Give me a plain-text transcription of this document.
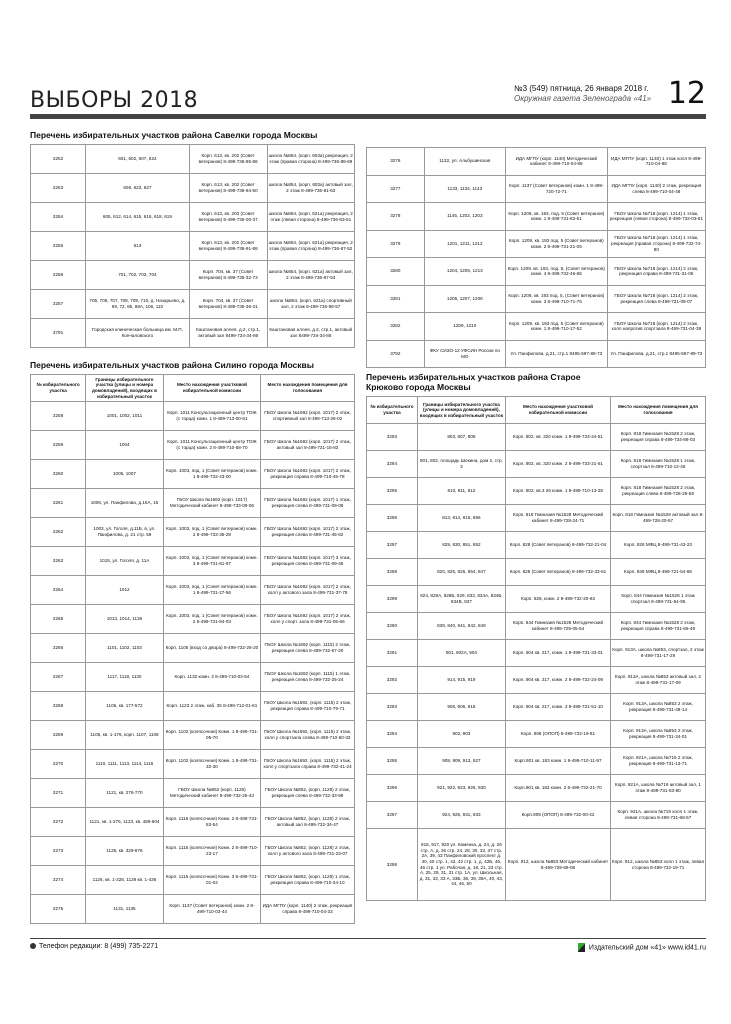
ВЫБОРЫ 2018	№3 (549) пятница, 26 января 2018 г.
Окружная газета Зеленограда «41» 12
Перечень избирательных участков района Савелки города Москвы
3252	601, 602, 607, 624	Корп. 613, кв. 202 (Совет ветеранов) 8-499-736-85-86	школа №854, (корп. 603а) рекреация, 2 этаж (правая сторона) 8-499-736-88-69
3253	608, 623, 627	Корп. 613, кв. 202 (Совет ветеранов) 8-499-736-94-50	школа №854, (корп. 603а) актовый зал, 2 этаж 8-499-736-81-63
3254	605, 612, 614, 615, 616, 618, 619	Корп. 613, кв. 203 (Совет ветеранов) 8-499-736-00-37	школа №854, (корп. 621а) рекреация, 2 этаж (левая сторона) 8-499-736-83-51
3255	613	Корп. 613, кв. 202 (Совет ветеранов) 8-499-736-91-88	школа №854, (корп. 621а) рекреация, 2 этаж (правая сторона) 8-499-736-87-52
3256	701, 702, 703, 704	Корп. 704, кв. 37 (Совет ветеранов) 8-499-735-32-73	школа №854, (корп. 621а) актовый зал, 2 этаж 8-499-736-87-53
3257	705, 706, 707, 708, 709, 710, д. Назарьево, д. 69, 72, 85, 88А, 106, 110	Корп. 704, кв. 37 (Совет ветеранов) 8-499-735-36-31	школа №854, (корп. 621а) спортивный зал, 2 этаж 8-499-736-88-57
3791	Городская клиническая больница им. М.П. Кончаловского	Каштановая аллея, д.2, стр.1, актовый зал 8499-734-34-86	Каштановая аллея, д.2, стр.1, актовый зал 8499-734-34-86
Перечень избирательных участков района Силино города Москвы
№ избирательного участка	Границы избирательного участка (улицы и номера домовладений), входящих в избирательный участок	Место нахождения участковой избирательной комиссии	Место нахождения помещения для голосования
3258	1001, 1002, 1011	Корп. 1011 Консультационный центр ТОЖ (с торца) комн. 1 8-499-713-00-61	ГБОУ Школа №1692 (корп. 1017) 2 этаж, спортивный зал 8-499-713-28-02
3259	1004	Корп. 1011 Консультационный центр ТОЖ (с торца) комн. 2 8-499-710-58-70	ГБОУ Школа №1692 (корп. 1017) 2 этаж, актовый зал 8-499-731-15-83
3260	1005, 1007	Корп. 1003, под. 1 (Совет ветеранов) комн. 1 8-499-732-43-00	ГБОУ Школа №1692 (корп. 1017) 2 этаж, рекреация справа 8-499-710-45-78
3261	1006, ул. Панфилова, д.15А, 15	ГБОУ Школа №1692 (корп. 1017) Методический кабинет 8-499-733-09-06	ГБОУ Школа №1692 (корп. 1017) 1 этаж, рекреация слева 8-499-731-09-06
3262	1003, ул. Гоголя, д.11Б, в, ул. Панфилова, д. 21 стр. 59	Корп. 1003, под. 1 (Совет ветеранов) комн. 2 8-499-733-35-28	ГБОУ Школа №1692 (корп. 1017) 2 этаж, рекреация слева 8-499-731-45-62
3263	1015, ул. Гоголя, д. 11А	Корп. 1003, под. 1 (Совет ветеранов) комн. 3 8-499-731-81-97	ГБОУ Школа №1692 (корп. 1017) 3 этаж, рекреация слева 8-499-731-09-48
3264	1012	Корп. 1003, под. 1 (Совет ветеранов) комн. 1 8-499-731-27-56	ГБОУ Школа №1692 (корп. 1017) 2 этаж, холл у актового зала 8-499-731-37-78
3265	1013, 1014, 1136	Корп. 1003, под. 1 (Совет ветеранов) комн. 2 8-499-731-84-03	ГБОУ Школа №1692 (корп. 1017) 2 этаж, холл у спорт. зала 8-499-731-05-66
3266	1101, 1102, 1103	Корп. 1105 (вход со двора) 8-499-732-26-20	ГБОУ Школа №1692 (корп. 1115) 2 этаж, рекреация слева 8-499-732-57-20
3267	1117, 1118, 1130	Корп. 1132 комн. 2 8-499-710-03-54	ГБОУ Школа №1692 (корп. 1115) 1 этаж, рекреация слева 8-499-732-25-24
3268	1106, кв. 177-572	Корп. 1123 2 этаж, каб. 35 8-499-712-01-81	ГБОУ Школа №1692, (корп. 1115) 2 этаж, рекреация справа 8-499-710-79-71
3269	1106, кв. 1-176, корп. 1107, 1108	Корп. 1102 (колясочная) Комн. 1 8-499-731-05-70	ГБОУ Школа №1692, (корп. 1115) 2 этаж, холл у спортзала слева 8-499-710-50-33
3270	1110, 1111, 1113, 1114, 1116	Корп. 1102 (колясочная) Комн. 1 8-499-731-32-30	ГБОУ Школа №1692, (корп. 1115) 2 этаж, холл у спортзала справа 8-499-732-41-24
3271	1121, кв. 276-770	ГБОУ Школа №852 (корп. 1128) Методический кабинет 8-499-732-25-43	ГБОУ Школа №852, (корп. 1128) 2 этаж, рекреация слева 8-499-732-33-88
3272	1121, кв. 1-275, 1123, кв. 489-604	Корп. 1116 (колясочная) Комн. 2 8-499-731-83-54	ГБОУ Школа №852, (корп. 1128) 2 этаж, актовый зал 8-499-732-34-47
3273	1126, кв. 329-876	Корп. 1116 (колясочная) Комн. 2 8-499-710-23-17	ГБОУ Школа №852, (корп. 1128) 2 этаж, холл у актового зала 8-499-731-23-07
3274	1126, кв. 1-328, 1129 кв. 1-436	Корп. 1116 (колясочная) Комн. 3 8-499-731-01-02	ГБОУ Школа №852, (корп. 1128) 1 этаж, рекреация справа 8-499-710-34-10
3275	1131, 1135	Корп. 1137 (Совет ветеранов) комн. 2 8-499-710-03-44	ИДА МГПУ (корп. 1140) 2 этаж, рекреация справа 8-499-710-04-33
3276	1132, ул. Альбушинская	ИДА МГПУ (корп. 1140) Методический кабинет 8-499-710-04-88	ИДА МГПУ (корп. 1140) 1 этаж холл 8-499-710-04-88
3277	1133, 1134, 1143	Корп. 1137 (Совет ветеранов) комн. 1 8-499-720-72-71	ИДА МГПУ (корп. 1140) 2 этаж, рекреация слева 8-499-710-04-48
3278	1145, 1202, 1203	Корп. 1209, кв. 193, под. 5 (Совет ветеранов) комн. 1 8-499-731-82-51	ГБОУ Школа №718 (корп. 1214) 1 этаж, рекреация (левая сторона) 8-499-732-03-51
3279	1201, 1211, 1212	Корп. 1209, кв. 193 под. 5 (Совет ветеранов) комн. 2 8-499-731-21-05	ГБОУ Школа №718 (корп. 1214) 1 этаж, рекреация (правая сторона) 8-499-732-74-80
3280	1204, 1205, 1213	Корп. 1209, кв. 193, под. 5, (Совет ветеранов) комн. 4 8-499-732-46-65	ГБОУ Школа №718 (корп. 1214) 2 этаж, рекреация справа 8-499-731-31-05
3281	1205, 1207, 1208	Корп. 1209, кв. 193 под. 5, (Совет ветеранов) комн. 3 8-499-710-71-75	ГБОУ Школа №718 (корп. 1214) 2 этаж, рекреация слева 8-499-731-08-07
3282	1209, 1210	Корп. 1209, кв. 193 под. 5 (Совет ветеранов) комн. 1 8-499-710-17-52	ГБОУ Школа №718 (корп. 1214) 2 этаж, холл напротив спортзала 8-499-731-04-39
3792	ФКУ СИЗО-12 УФСИН России по МО	Ул. Панфилова, д.21, стр.1 8495-597-89-73	Ул. Панфилова, д.21, стр.1 8495-597-89-73
Перечень избирательных участков района Старое Крюково города Москвы
№ избирательного участка	Границы избирательного участка (улицы и номера домовладений), входящих в избирательный участок	Место нахождения участковой избирательной комиссии	Место нахождения помещения для голосования
3293	803, 807, 808	Корп. 802, кв. 320 комн. 1 8-499-733-24-51	Корп. 818 Гимназия №1528 2 этаж, рекреация справа 8-499-734-88-03
3294	801, 802, площадь Шокина, дом 2, стр. 3	Корп. 802, кв. 320 комн. 2 8-499-733-21-51	Корп. 818 Гимназия №1528 1 этаж, спортзал 8-499-710-12-45
3295	810, 811, 812	Корп. 802, кв.3 26 комн. 1 8-499-710-13-28	Корп. 818 Гимназия №1528 2 этаж, рекреация слева 8-499-728-29-59
3296	813, 814, 815, 856	Корп. 818 Гимназия №1528 Методический кабинет 8-499-728-24-71	Корп. 818 Гимназия №1528 актовый зал 8-499-728-20-57
3297	829, 830, 851, 852	Корп. 828 (Совет ветеранов) 8-499-732-21-04	Корп. 828 МФЦ 8-499-731-43-23
3298	820, 825, 826, 854, 847	Корп. 828 (Совет ветеранов) 8-499-732-33-61	Корп. 839 МФЦ 8-499-721-54-86
3299	824, 828А, 828Б, 829, 833, 834А, 834Б, 834В, 837	Корп. 828, комн. 2 8-499-732-20-63	Корп. 844 Гимназия №1528 1 этаж спортзал 8-499-731-54-95
3290	839, 840, 841, 842, 849	Корп. 844 Гимназия №1528 Методический кабинет 8-499-729-05-54	Корп. 844 Гимназия №1528 2 этаж, рекреация справа 8-499-731-65-49
3291	901, 902А, 904	Корп. 904 кв. 217, комн. 1 8-499-731-33-01	Корп. 913А, школа №853, спортзал, 2 этаж 8-499-731-17-29
3292	914, 915, 919	Корп. 904 кв. 217, комн. 2 8-499-732-24-09	Корп. 913А, школа №853 актовый зал, 2 этаж 8-499-731-17-09
3293	905, 906, 918	Корп. 904 кв. 217, комн. 3 8-499-731-51-10	Корп. 913А, школа №853 2 этаж, рекреация 8-499-731-48-14
3294	902, 903	Корп. 908 (ОПОП) 8-499-732-19-81	Корп. 913А, школа №853 2 этаж, рекреация 8-499-731-34-01
3295	908, 909, 913, 927	Корп.901 кв. 183 комн. 1 8-499-710-11-97	Корп. 921А, школа №719 2 этаж, рекреация 8-499-731-13-71
3296	921, 922, 923, 926, 930	Корп.901 кв. 183 комн. 2 8-499-732-21-70	Корп. 921А, школа №719 актовый зал, 1 этаж 8-499-731-53-80
3297	924, 925, 931, 933	Корп.909 (ОПОП) 8-499-732-00-42	Корп. 921А, школа №719 холл 1 этаж, левая сторона 8-499-731-68-57
3298	916, 917, 920 ул. Каменка, д. 24, д. 26 стр. А, д. 26 стр. 24, 28, 30, 33, 37 стр. 2А, 39, 43 Панфиловский проспект д. 40, 40 стр. 1, 42, 42 стр. 1, д. 42Б, 46, 46 стр. 1 ул. Рабочая, д. 18, 21, 23 стр. А, 25, 29, 31, 31 стр. 1А, ул. Школьная, д. 31, 33, 33 А, 33Б, 35, 39, 39А, 40, 43, 44, 46, 50	Корп. 912, школа №853 Методический кабинет 8-499-729-69-08	Корп. 912, школа №853 холл 1 этаж, левая сторона 8-499-732-19-71
Телефон редакции: 8 (499) 735-2271	Издательский дом «41» www.id41.ru
